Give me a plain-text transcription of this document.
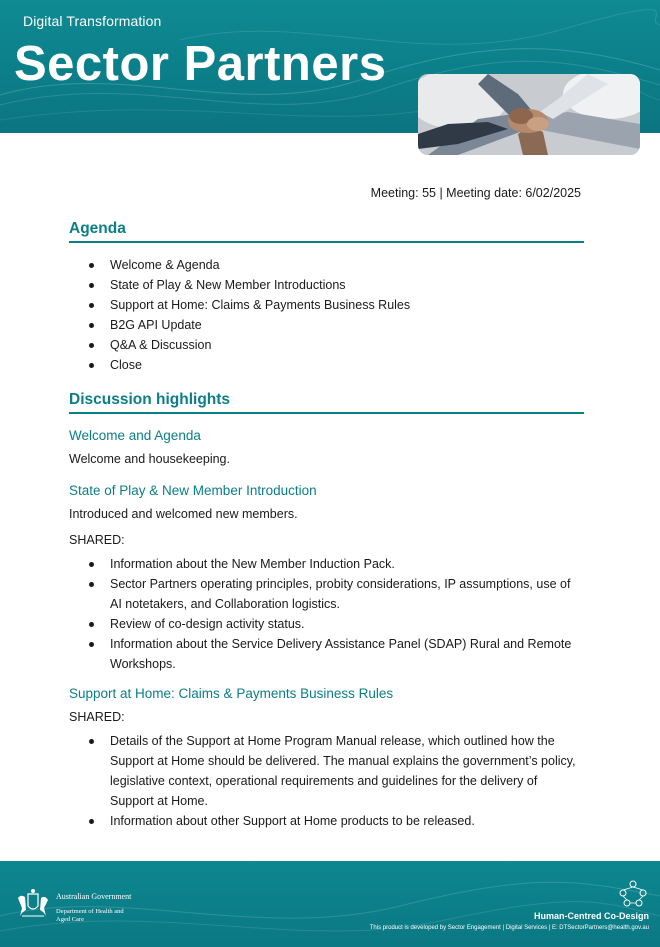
Digital Transformation
Sector Partners
Meeting: 55 | Meeting date: 6/02/2025
Agenda
Welcome & Agenda
State of Play & New Member Introductions
Support at Home: Claims & Payments Business Rules
B2G API Update
Q&A & Discussion
Close
Discussion highlights
Welcome and Agenda

Welcome and housekeeping.

State of Play & New Member Introduction

Introduced and welcomed new members.

SHARED:

Information about the New Member Induction Pack.
Sector Partners operating principles, probity considerations, IP assumptions, use of AI notetakers, and Collaboration logistics.
Review of co-design activity status.
Information about the Service Delivery Assistance Panel (SDAP) Rural and Remote Workshops.
Support at Home: Claims & Payments Business Rules

SHARED:

Details of the Support at Home Program Manual release, which outlined how the Support at Home should be delivered. The manual explains the government’s policy, legislative context, operational requirements and guidelines for the delivery of Support at Home.
Information about other Support at Home products to be released.
Australian Government
Department of Health and Aged Care	Human-Centred Co-Design
This product is developed by Sector Engagement | Digital Services | E: DTSectorPartners@health.gov.au
